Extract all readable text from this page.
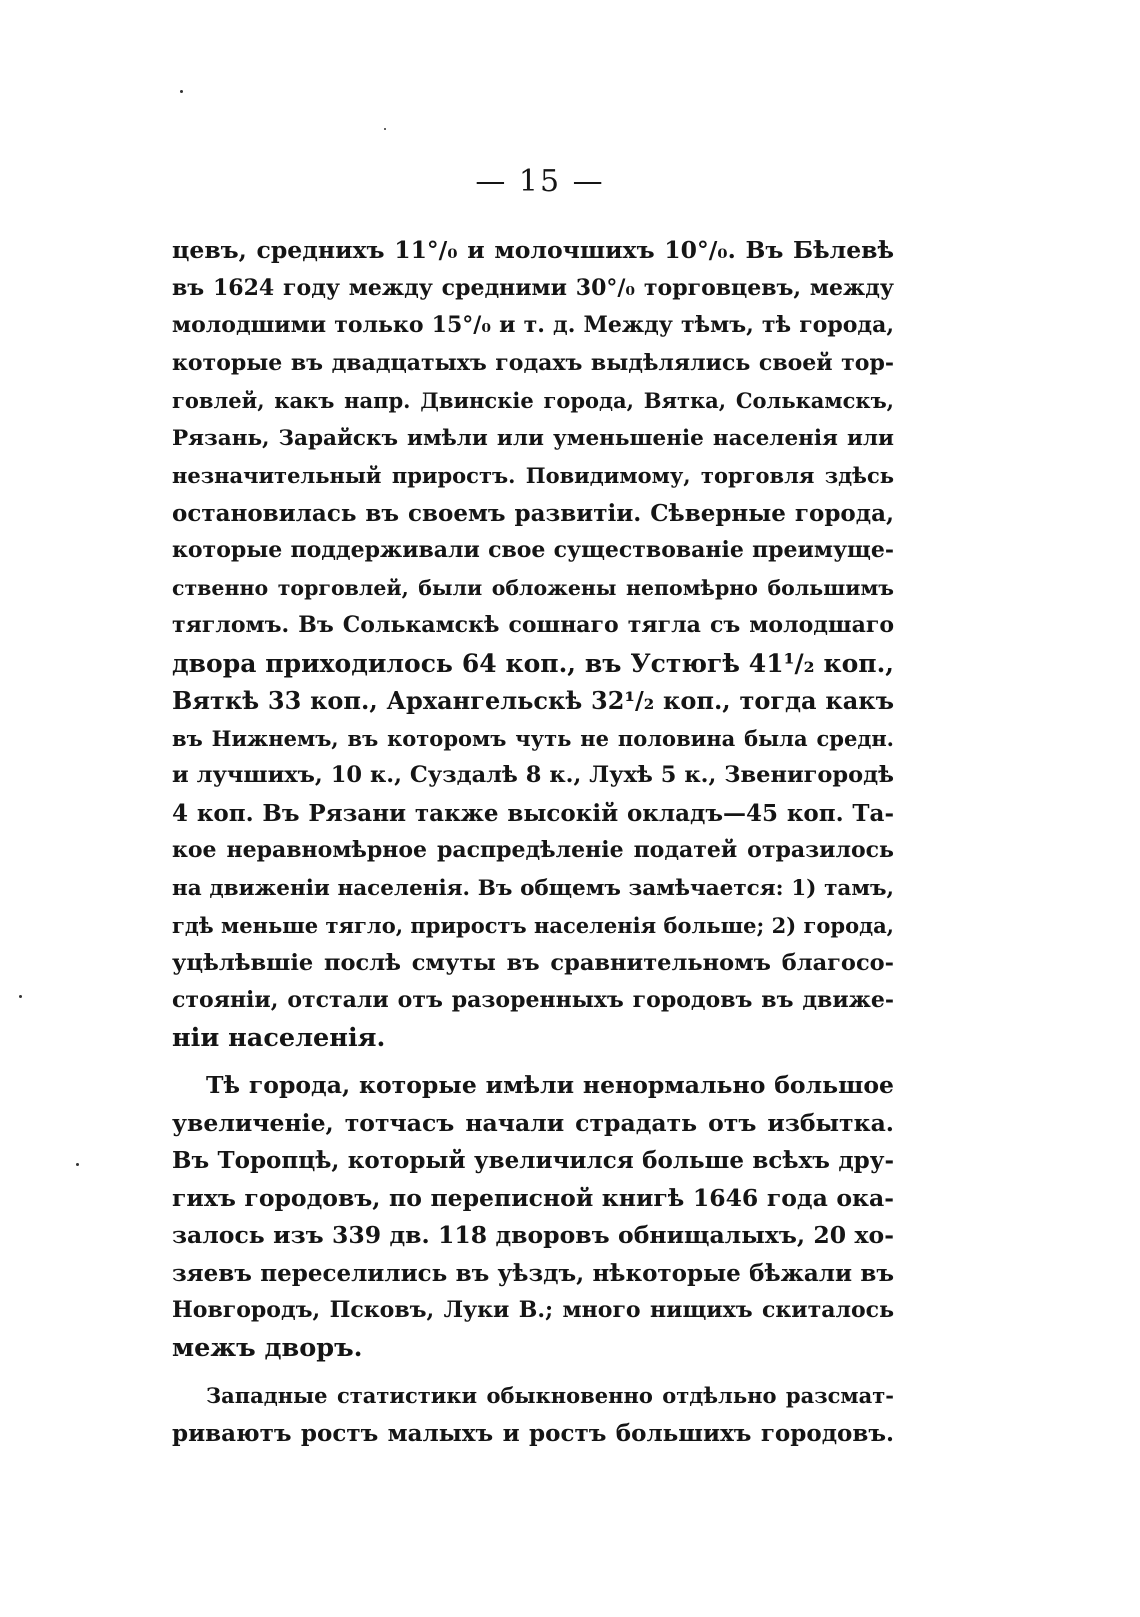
— 15 —
цевъ, среднихъ 11°/₀ и молочшихъ 10°/₀. Въ Бѣлевѣ
въ 1624 году между средними 30°/₀ торговцевъ, между
молодшими только 15°/₀ и т. д. Между тѣмъ, тѣ города,
которые въ двадцатыхъ годахъ выдѣлялись своей тор-
говлей, какъ напр. Двинскіе города, Вятка, Солькамскъ,
Рязань, Зарайскъ имѣли или уменьшеніе населенія или
незначительный приростъ. Повидимому, торговля здѣсь
остановилась въ своемъ развитіи. Сѣверные города,
которые поддерживали свое существованіе преимуще-
ственно торговлей, были обложены непомѣрно большимъ
тягломъ. Въ Солькамскѣ сошнаго тягла съ молодшаго
двора приходилось 64 коп., въ Устюгѣ 41¹/₂ коп.,
Вяткѣ 33 коп., Архангельскѣ 32¹/₂ коп., тогда какъ
въ Нижнемъ, въ которомъ чуть не половина была средн.
и лучшихъ, 10 к., Суздалѣ 8 к., Лухѣ 5 к., Звенигородѣ
4 коп. Въ Рязани также высокій окладъ—45 коп. Та-
кое неравномѣрное распредѣленіе податей отразилось
на движеніи населенія. Въ общемъ замѣчается: 1) тамъ,
гдѣ меньше тягло, приростъ населенія больше; 2) города,
уцѣлѣвшіе послѣ смуты въ сравнительномъ благосо-
стояніи, отстали отъ разоренныхъ городовъ въ движе-
ніи населенія.
Тѣ города, которые имѣли ненормально большое
увеличеніе, тотчасъ начали страдать отъ избытка.
Въ Торопцѣ, который увеличился больше всѣхъ дру-
гихъ городовъ, по переписной книгѣ 1646 года ока-
залось изъ 339 дв. 118 дворовъ обнищалыхъ, 20 хо-
зяевъ переселились въ уѣздъ, нѣкоторые бѣжали въ
Новгородъ, Псковъ, Луки В.; много нищихъ скиталось
межъ дворъ.
Западные статистики обыкновенно отдѣльно разсмат-
риваютъ ростъ малыхъ и ростъ большихъ городовъ.
